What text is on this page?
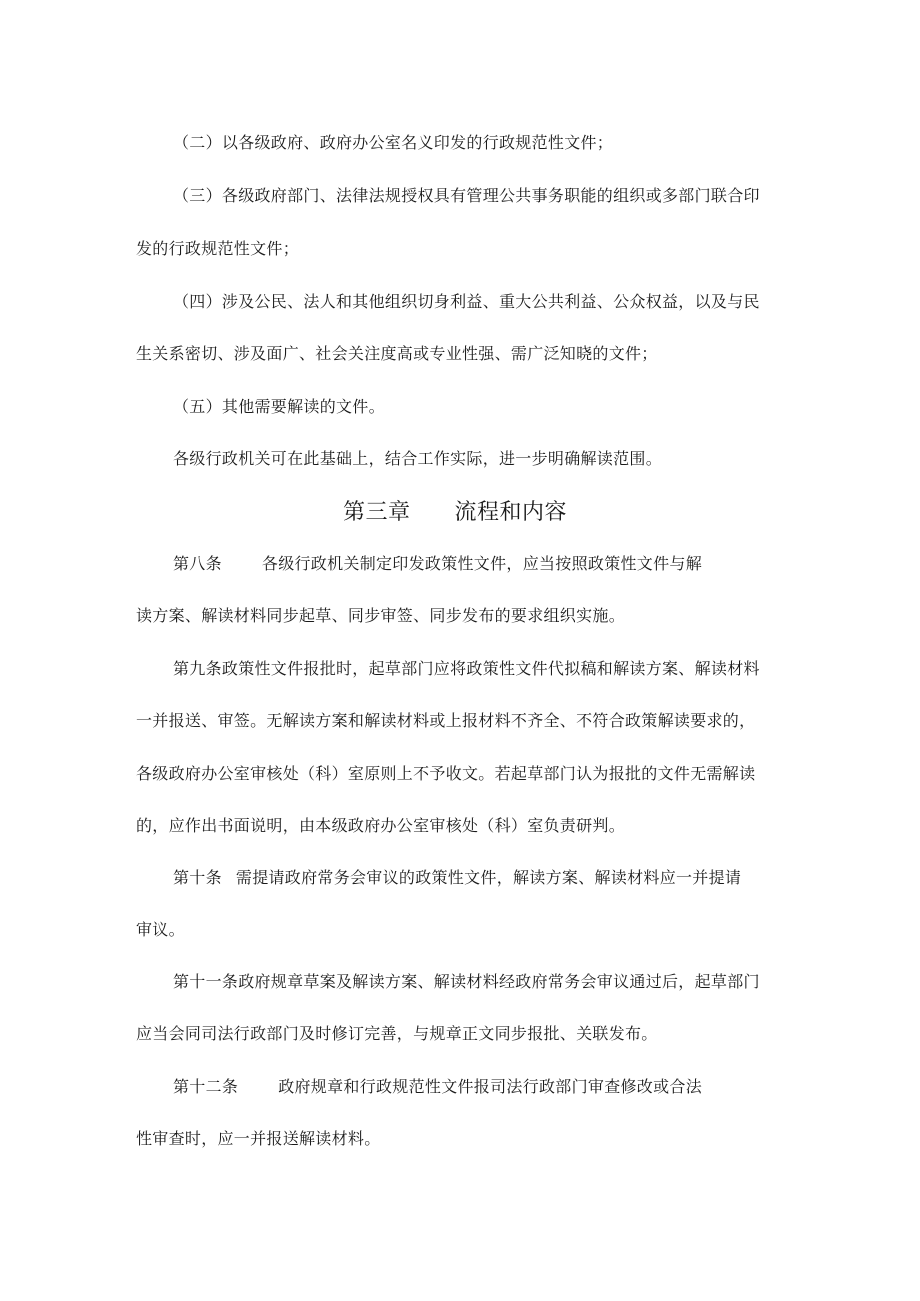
（二）以各级政府、政府办公室名义印发的行政规范性文件；
（三）各级政府部门、法律法规授权具有管理公共事务职能的组织或多部门联合印
发的行政规范性文件；
（四）涉及公民、法人和其他组织切身利益、重大公共利益、公众权益，以及与民
生关系密切、涉及面广、社会关注度高或专业性强、需广泛知晓的文件；
（五）其他需要解读的文件。
各级行政机关可在此基础上，结合工作实际，进一步明确解读范围。
第三章 流程和内容
第八条	各级行政机关制定印发政策性文件，应当按照政策性文件与解
读方案、解读材料同步起草、同步审签、同步发布的要求组织实施。
第九条政策性文件报批时，起草部门应将政策性文件代拟稿和解读方案、解读材料
一并报送、审签。无解读方案和解读材料或上报材料不齐全、不符合政策解读要求的，
各级政府办公室审核处（科）室原则上不予收文。若起草部门认为报批的文件无需解读
的，应作出书面说明，由本级政府办公室审核处（科）室负责研判。
第十条 需提请政府常务会审议的政策性文件，解读方案、解读材料应一并提请
审议。
第十一条政府规章草案及解读方案、解读材料经政府常务会审议通过后，起草部门
应当会同司法行政部门及时修订完善，与规章正文同步报批、关联发布。
第十二条	政府规章和行政规范性文件报司法行政部门审查修改或合法
性审查时，应一并报送解读材料。
